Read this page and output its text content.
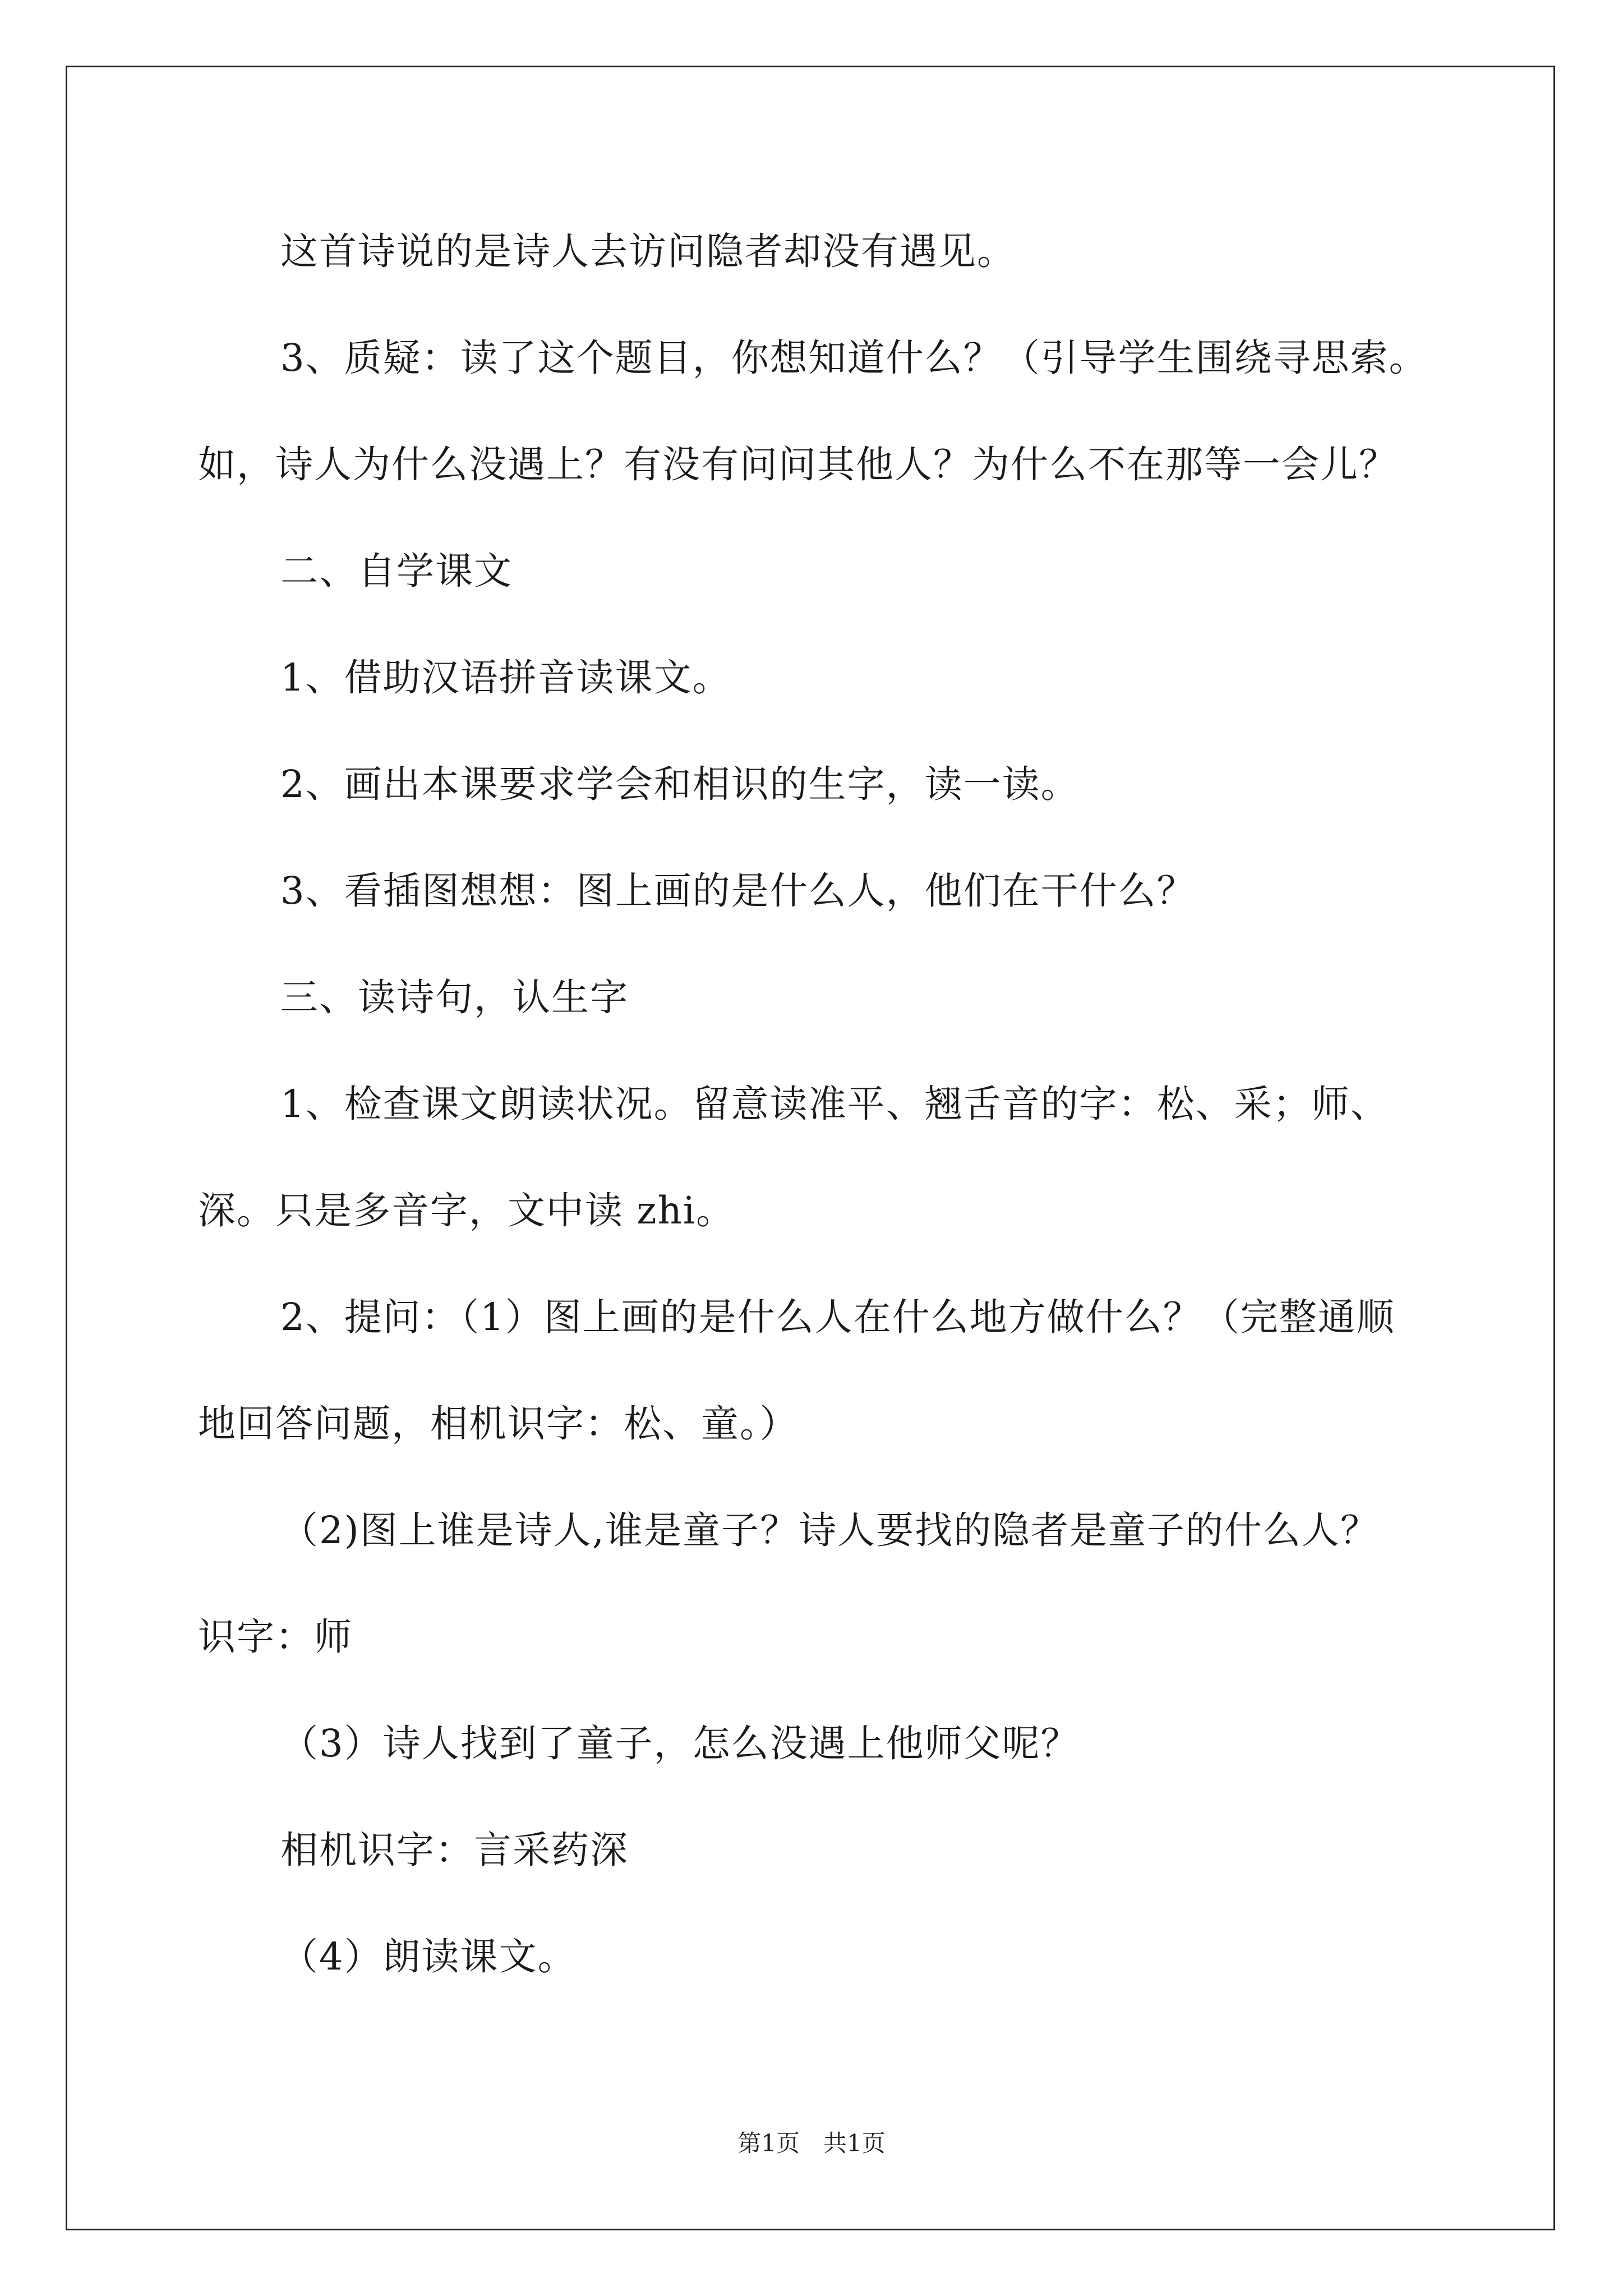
这首诗说的是诗人去访问隐者却没有遇见。
3、质疑：读了这个题目，你想知道什么？（引导学生围绕寻思索。
如，诗人为什么没遇上？有没有问问其他人？为什么不在那等一会儿？
二、自学课文
1、借助汉语拼音读课文。
2、画出本课要求学会和相识的生字，读一读。
3、看插图想想：图上画的是什么人，他们在干什么？
三、读诗句，认生字
1、检查课文朗读状况。留意读准平、翘舌音的字：松、采；师、
深。只是多音字，文中读 zhi。
2、提问：（1）图上画的是什么人在什么地方做什么？（完整通顺
地回答问题，相机识字：松、童。）
（2)图上谁是诗人,谁是童子？诗人要找的隐者是童子的什么人？
识字：师
（3）诗人找到了童子，怎么没遇上他师父呢？
相机识字：言采药深
（4）朗读课文。
第1页　共1页
